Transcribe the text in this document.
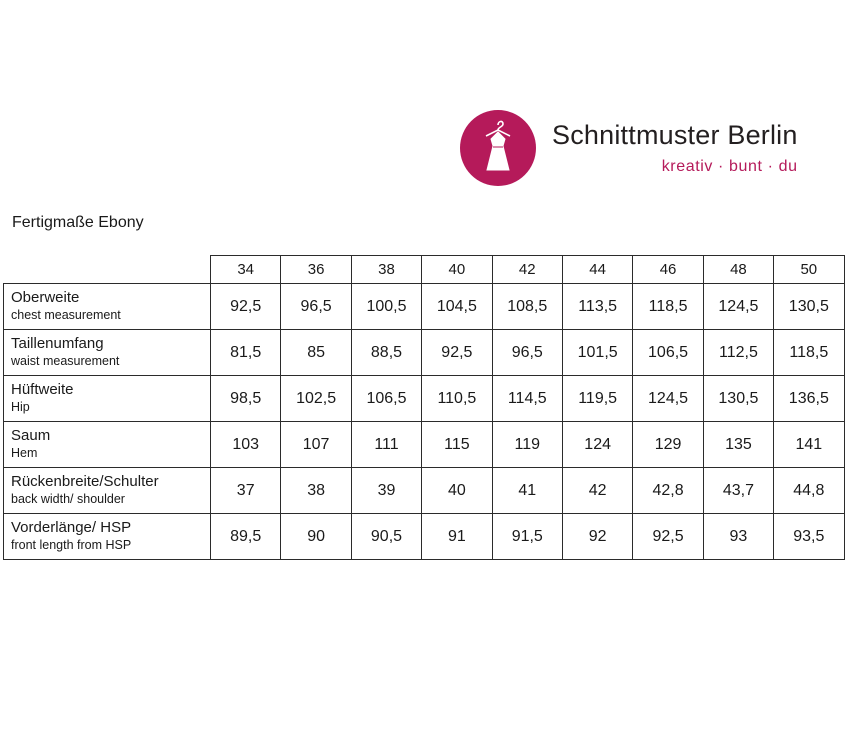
Schnittmuster Berlin
kreativ · bunt · du
Fertigmaße Ebony
	34	36	38	40	42	44	46	48	50

Oberweite
chest measurement	92,5	96,5	100,5	104,5	108,5	113,5	118,5	124,5	130,5

Taillenumfang
waist measurement	81,5	85	88,5	92,5	96,5	101,5	106,5	112,5	118,5

Hüftweite
Hip	98,5	102,5	106,5	110,5	114,5	119,5	124,5	130,5	136,5

Saum
Hem	103	107	111	115	119	124	129	135	141

Rückenbreite/Schulter
back width/ shoulder	37	38	39	40	41	42	42,8	43,7	44,8

Vorderlänge/ HSP
front length from HSP	89,5	90	90,5	91	91,5	92	92,5	93	93,5
